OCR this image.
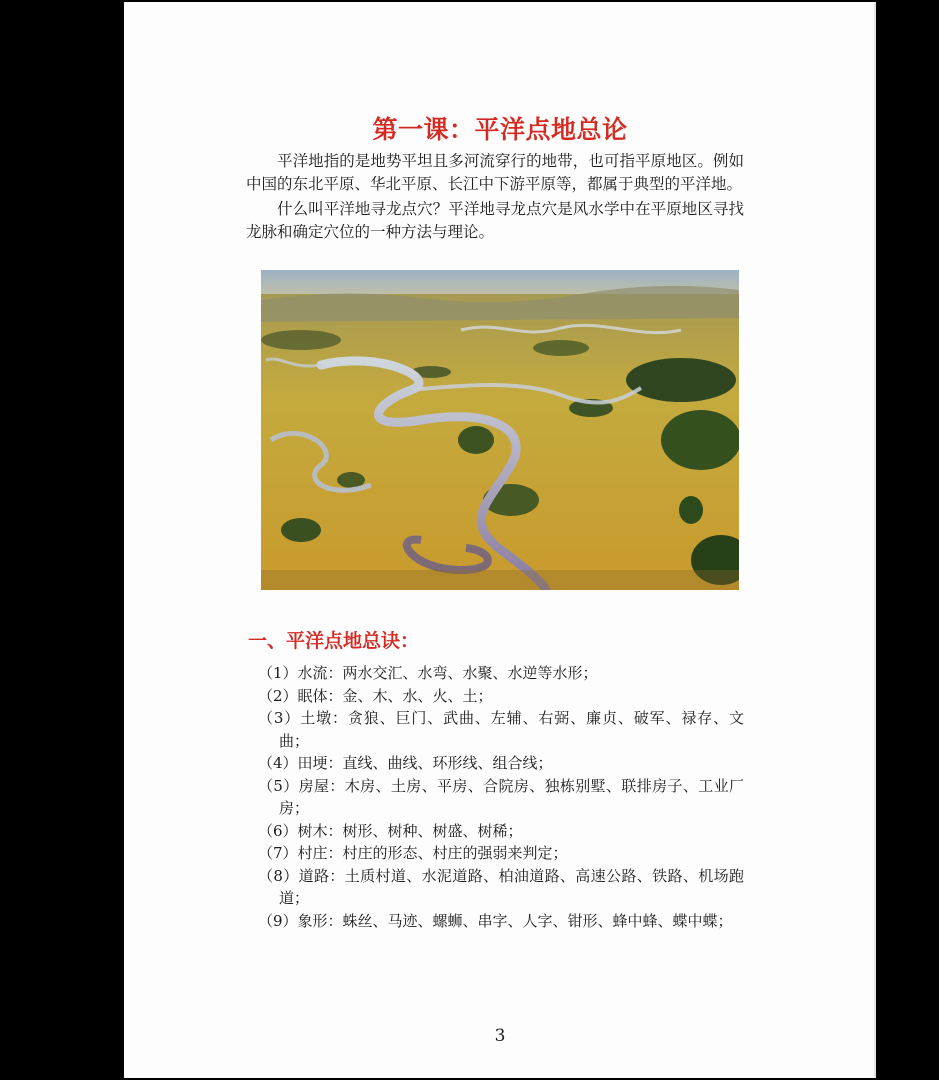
第一课：平洋点地总论

平洋地指的是地势平坦且多河流穿行的地带，也可指平原地区。例如中国的东北平原、华北平原、长江中下游平原等，都属于典型的平洋地。

什么叫平洋地寻龙点穴？平洋地寻龙点穴是风水学中在平原地区寻找龙脉和确定穴位的一种方法与理论。

一、平洋点地总诀：
（1）水流：两水交汇、水弯、水聚、水逆等水形；
（2）眠体：金、木、水、火、土；
（3）土墩：贪狼、巨门、武曲、左辅、右弼、廉贞、破军、禄存、文曲；
（4）田埂：直线、曲线、环形线、组合线；
（5）房屋：木房、土房、平房、合院房、独栋别墅、联排房子、工业厂房；
（6）树木：树形、树种、树盛、树稀；
（7）村庄：村庄的形态、村庄的强弱来判定；
（8）道路：土质村道、水泥道路、柏油道路、高速公路、铁路、机场跑道；
（9）象形：蛛丝、马迹、螺蛳、串字、人字、钳形、蜂中蜂、蝶中蝶；
3
